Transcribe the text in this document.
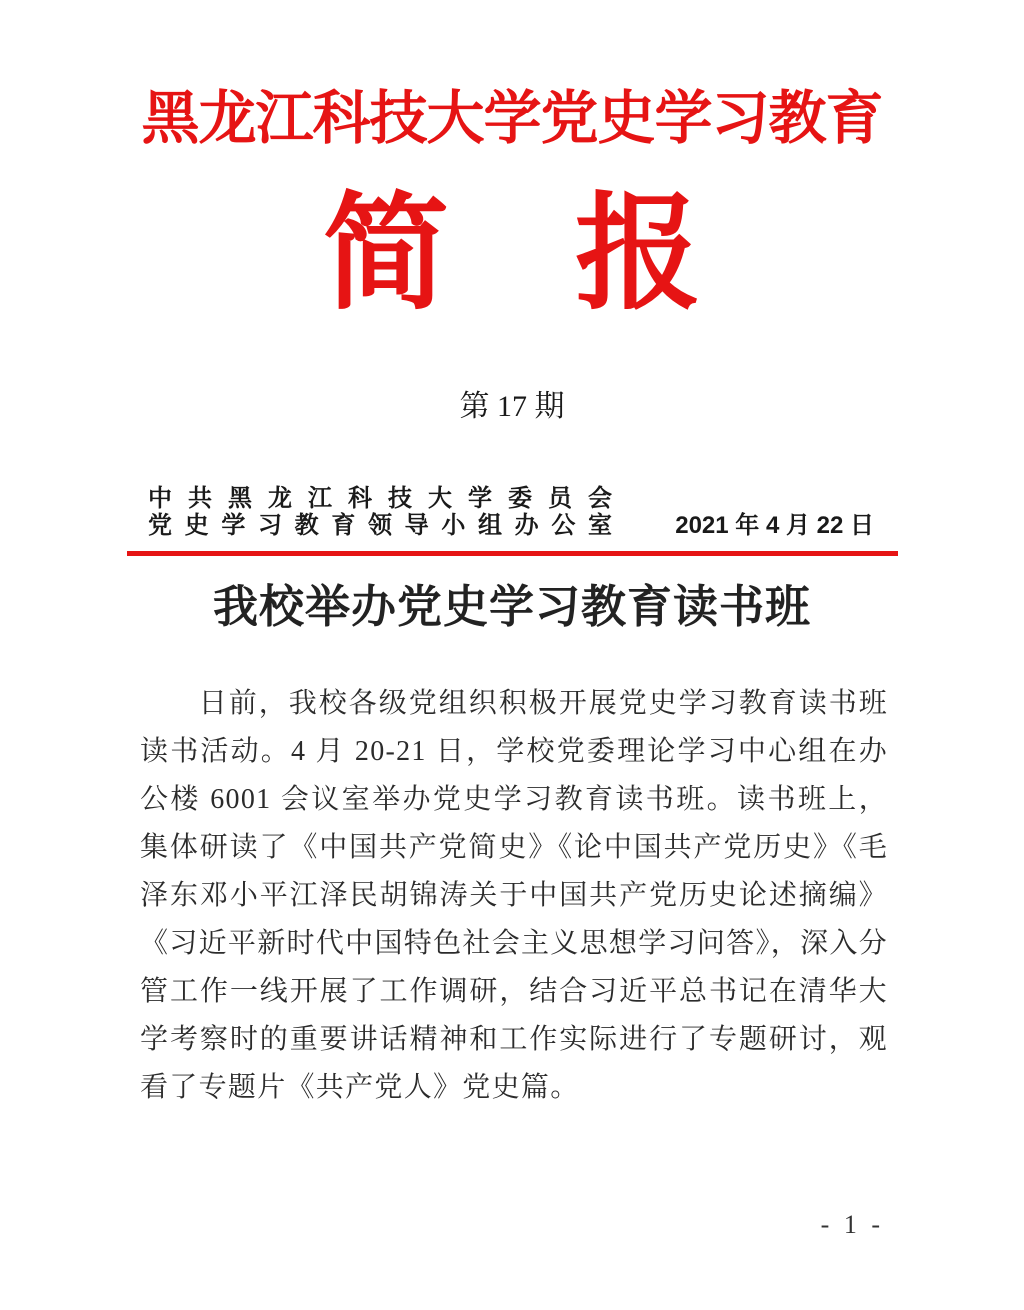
黑龙江科技大学党史学习教育
简　报
第 17 期
中共黑龙江科技大学委员会
党史学习教育领导小组办公室	2021 年 4 月 22 日
我校举办党史学习教育读书班
日前，我校各级党组织积极开展党史学习教育读书班读书活动。4 月 20-21 日，学校党委理论学习中心组在办公楼 6001 会议室举办党史学习教育读书班。读书班上，集体研读了《中国共产党简史》《论中国共产党历史》《毛泽东邓小平江泽民胡锦涛关于中国共产党历史论述摘编》《习近平新时代中国特色社会主义思想学习问答》，深入分管工作一线开展了工作调研，结合习近平总书记在清华大学考察时的重要讲话精神和工作实际进行了专题研讨，观看了专题片《共产党人》党史篇。
- 1 -
